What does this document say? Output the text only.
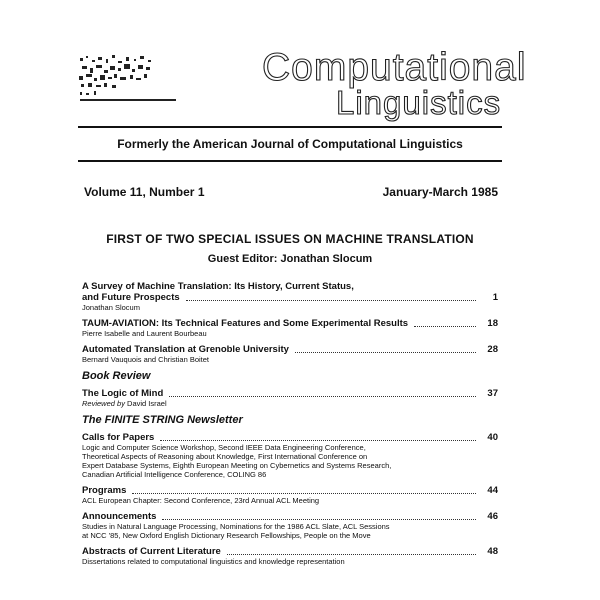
Computational
Linguistics
Formerly the American Journal of Computational Linguistics
Volume 11, Number 1	January-March 1985
FIRST OF TWO SPECIAL ISSUES ON MACHINE TRANSLATION
Guest Editor: Jonathan Slocum
A Survey of Machine Translation: Its History, Current Status,
and Future Prospects	1
Jonathan Slocum
TAUM-AVIATION: Its Technical Features and Some Experimental Results	18
Pierre Isabelle and Laurent Bourbeau
Automated Translation at Grenoble University	28
Bernard Vauquois and Christian Boitet
Book Review
The Logic of Mind	37
Reviewed by David Israel
The FINITE STRING Newsletter
Calls for Papers	40
Logic and Computer Science Workshop, Second IEEE Data Engineering Conference,
Theoretical Aspects of Reasoning about Knowledge, First International Conference on
Expert Database Systems, Eighth European Meeting on Cybernetics and Systems Research,
Canadian Artificial Intelligence Conference, COLING 86
Programs	44
ACL European Chapter: Second Conference, 23rd Annual ACL Meeting
Announcements	46
Studies in Natural Language Processing, Nominations for the 1986 ACL Slate, ACL Sessions
at NCC '85, New Oxford English Dictionary Research Fellowships, People on the Move
Abstracts of Current Literature	48
Dissertations related to computational linguistics and knowledge representation
